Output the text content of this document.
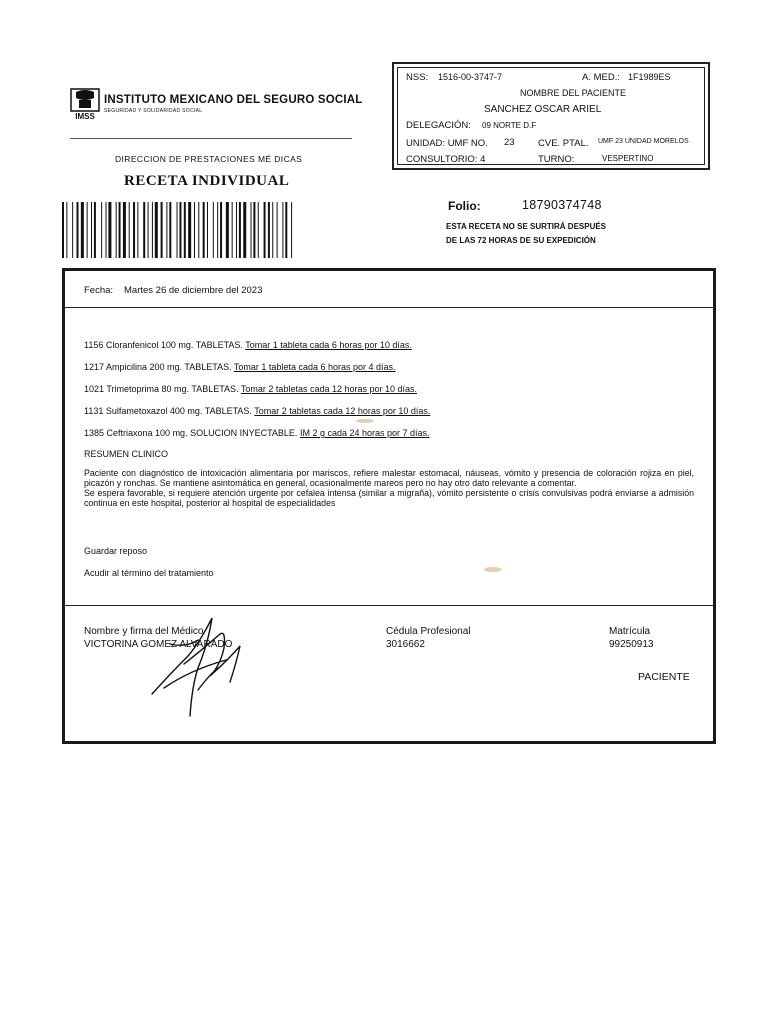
IMSS
INSTITUTO MEXICANO DEL SEGURO SOCIAL
SEGURIDAD Y SOLIDARIDAD SOCIAL
DIRECCION DE PRESTACIONES MÉ DICAS
RECETA INDIVIDUAL
NSS: 1516-00-3747-7	A. MED.: 1F1989ES
NOMBRE DEL PACIENTE
SANCHEZ OSCAR ARIEL
DELEGACIÓN: 09 NORTE D.F
UNIDAD: UMF NO. 23 CVE. PTAL. UMF 23 UNIDAD MORELOS
CONSULTORIO: 4	TURNO:	VESPERTINO
Folio:	18790374748
ESTA RECETA NO SE SURTIRÁ DESPUÉS
DE LAS 72 HORAS DE SU EXPEDICIÓN
Fecha: Martes 26 de diciembre del 2023
1156 Cloranfenicol 100 mg. TABLETAS. Tomar 1 tableta cada 6 horas por 10 días.
1217 Ampicilina 200 mg. TABLETAS. Tomar 1 tableta cada 6 horas por 4 días.
1021 Trimetoprima 80 mg. TABLETAS. Tomar 2 tabletas cada 12 horas por 10 días.
1131 Sulfametoxazol 400 mg. TABLETAS. Tomar 2 tabletas cada 12 horas por 10 días.
1385 Ceftriaxona 100 mg. SOLUCION INYECTABLE. IM 2 g cada 24 horas por 7 días.
RESUMEN CLINICO
Paciente con diagnóstico de intoxicación alimentaria por mariscos, refiere malestar estomacal, náuseas, vómito y presencia de coloración rojiza en piel, picazón y ronchas. Se mantiene asintomática en general, ocasionalmente mareos pero no hay otro dato relevante a comentar.
Se espera favorable, si requiere atención urgente por cefalea intensa (similar a migraña), vómito persistente o crisis convulsivas podrá enviarse a admisión continua en este hospital, posterior al hospital de especialidades
Guardar reposo
Acudir al término del tratamiento
Nombre y firma del Médico
VICTORINA GOMEZ ALVARADO
Cédula Profesional
3016662
Matrícula
99250913
PACIENTE
